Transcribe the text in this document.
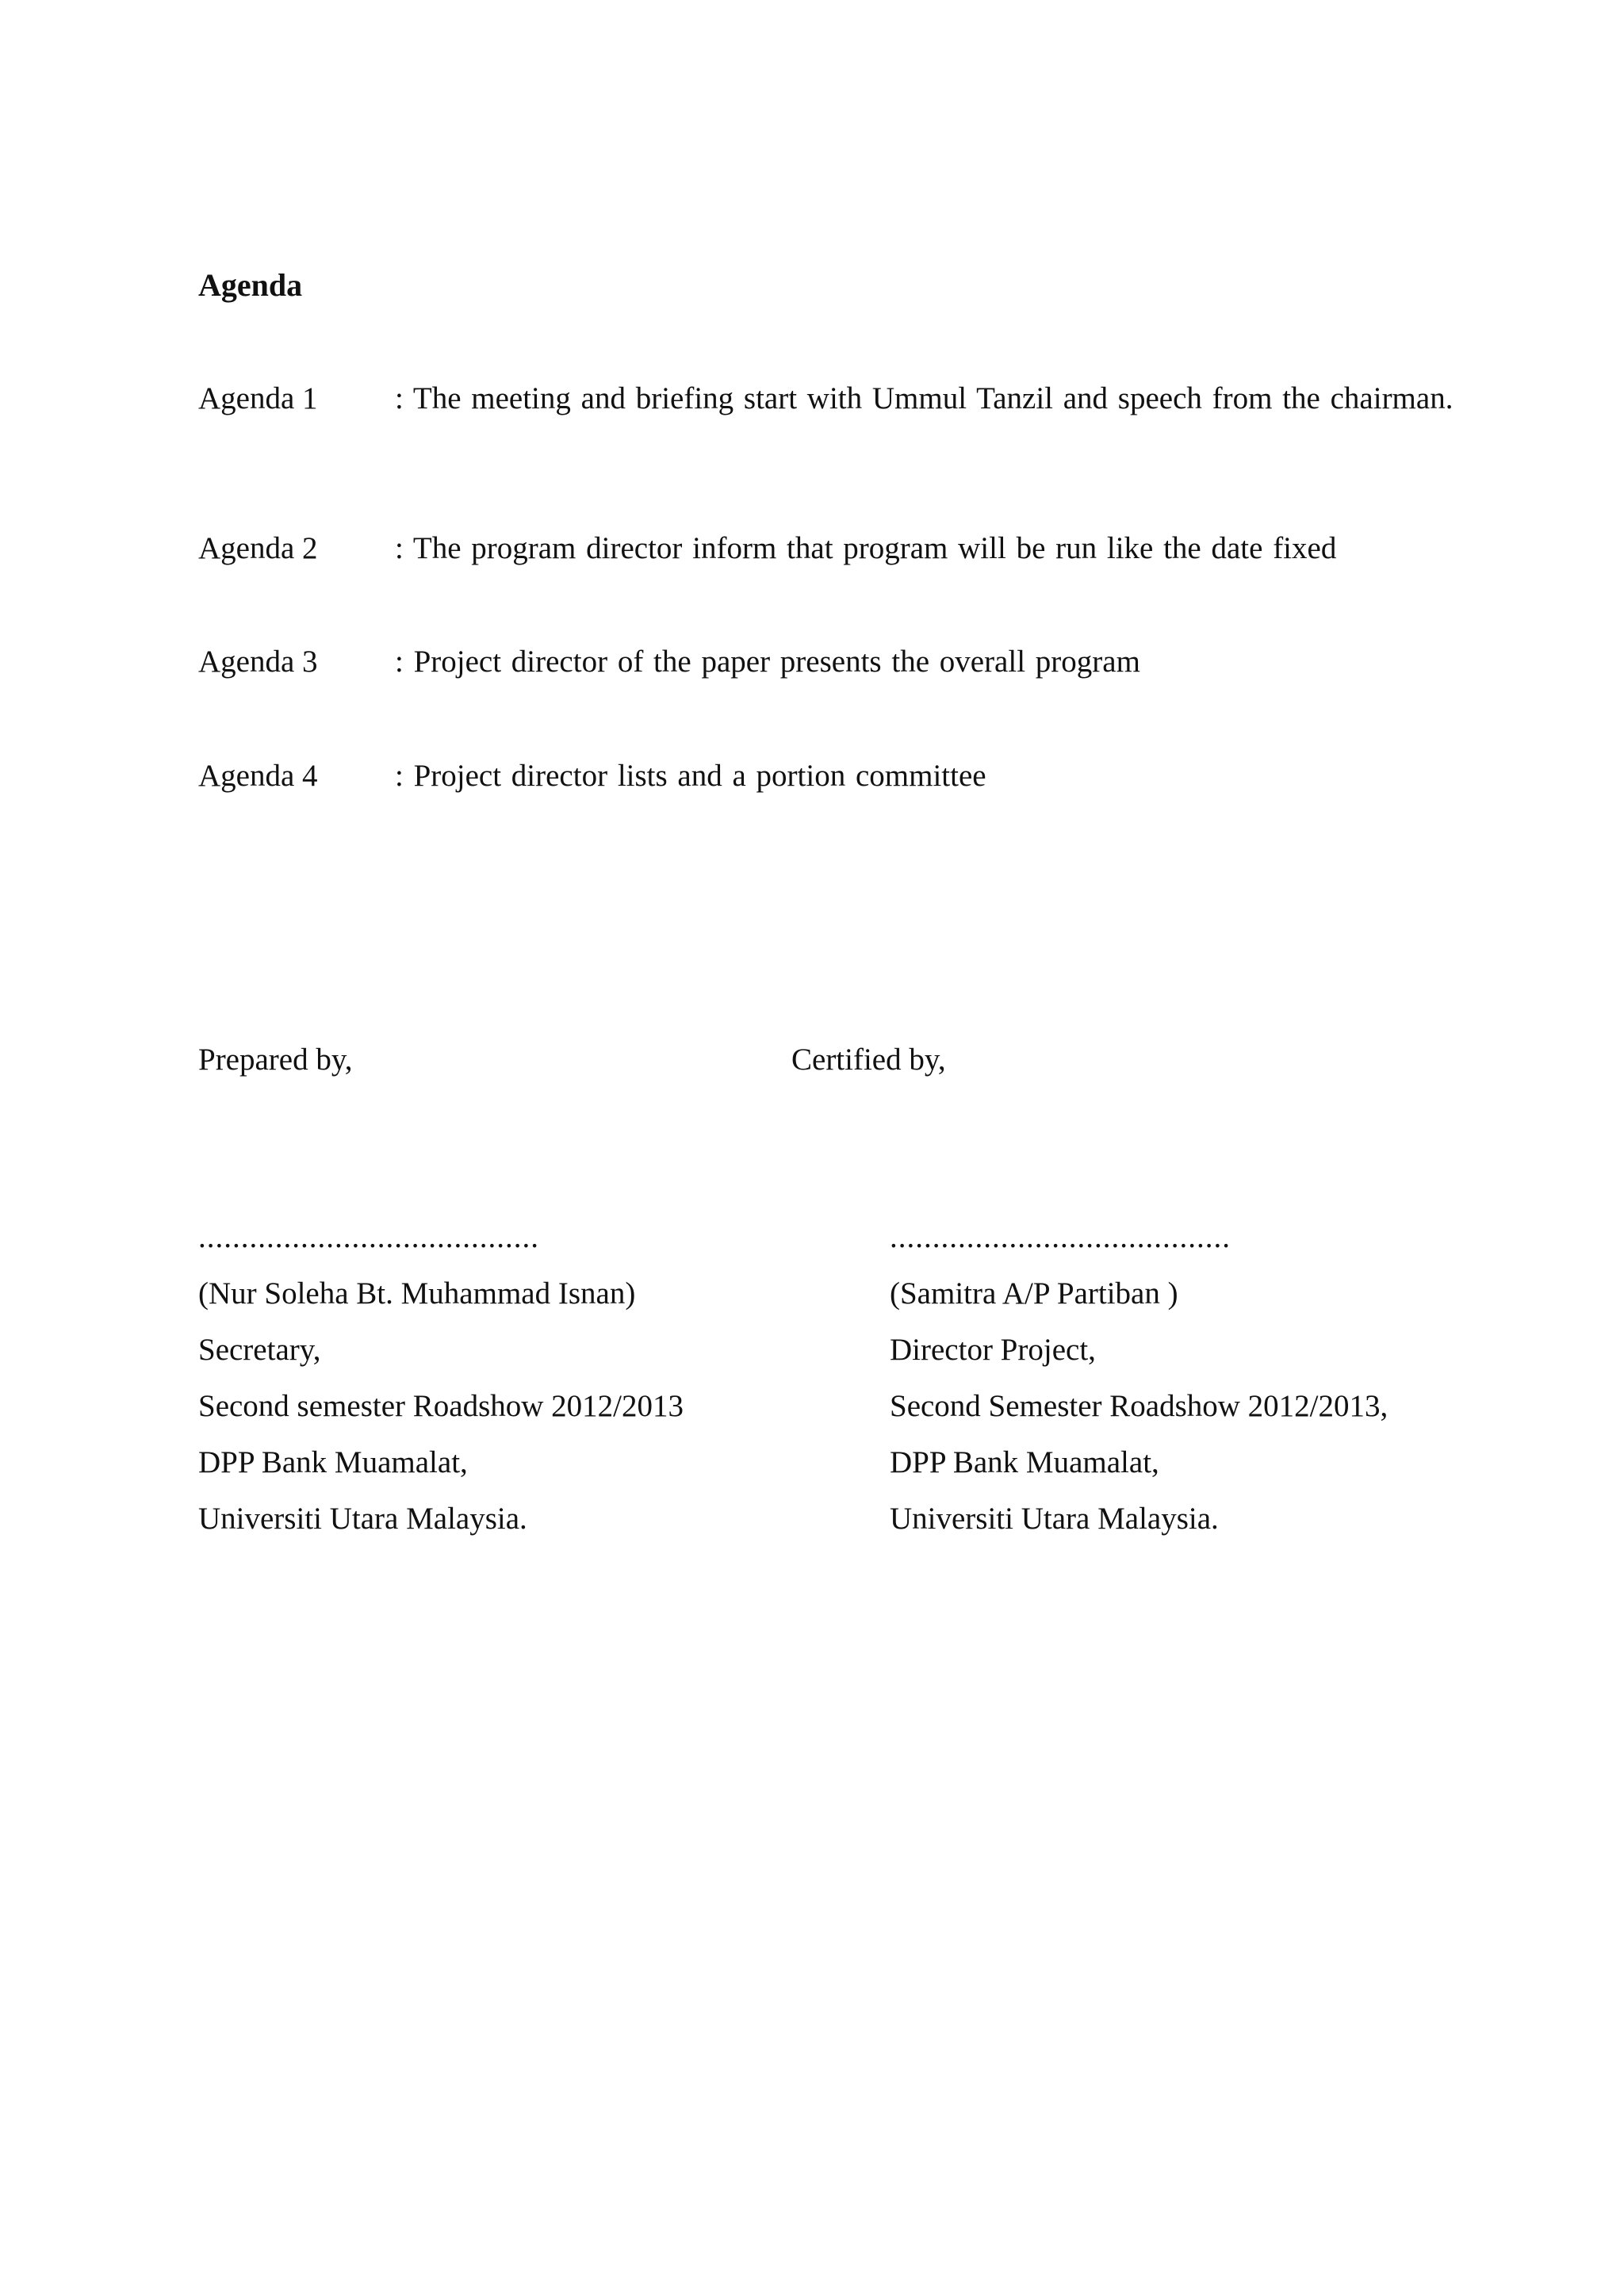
Agenda
Agenda 1	: The meeting and briefing start with Ummul Tanzil and speech from the chairman.
Agenda 2	: The program director inform that program will be run like the date fixed
Agenda 3	: Project director of the paper presents the overall program
Agenda 4	: Project director lists and a portion committee
Prepared by,	Certified by,
........................................
(Nur Soleha Bt. Muhammad Isnan)
Secretary,
Second semester Roadshow 2012/2013
DPP Bank Muamalat,
Universiti Utara Malaysia.
........................................
(Samitra A/P Partiban )
Director Project,
Second Semester Roadshow 2012/2013,
DPP Bank Muamalat,
Universiti Utara Malaysia.
